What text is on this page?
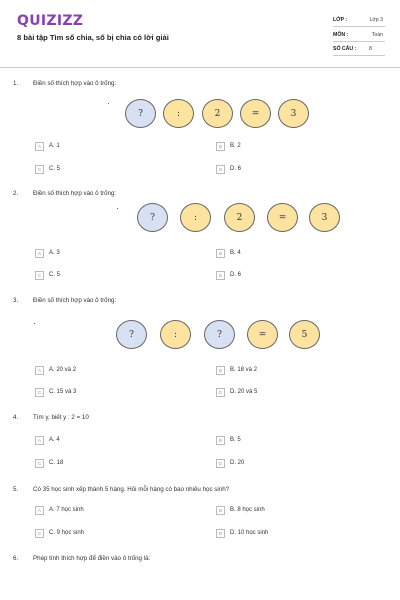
QUIZIZZ
8 bài tập Tìm số chia, số bị chia có lời giải
LỚP :	Lớp 3
MÔN :	Toán
SỐ CÂU :	8
1. Điền số thích hợp vào ô trống:
?	:	2	=	3
A	A. 1	B	B. 2
C	C. 5	D	D. 6
2. Điền số thích hợp vào ô trống:
?	:	2	=	3
A	A. 3	B	B. 4
C	C. 5	D	D. 6
3. Điền số thích hợp vào ô trống:
?	:	?	=	5
A	A. 20 và 2	B	B. 18 và 2
C	C. 15 và 3	D	D. 20 và 5
4. Tìm y, biết y : 2 = 10
A	A. 4	B	B. 5
C	C. 18	D	D. 20
5. Có 35 học sinh xếp thành 5 hàng. Hỏi mỗi hàng có bao nhiêu học sinh?
A	A. 7 học sinh	B	B. 8 học sinh
C	C. 9 học sinh	D	D. 10 học sinh
6. Phép tính thích hợp để điền vào ô trống là:
